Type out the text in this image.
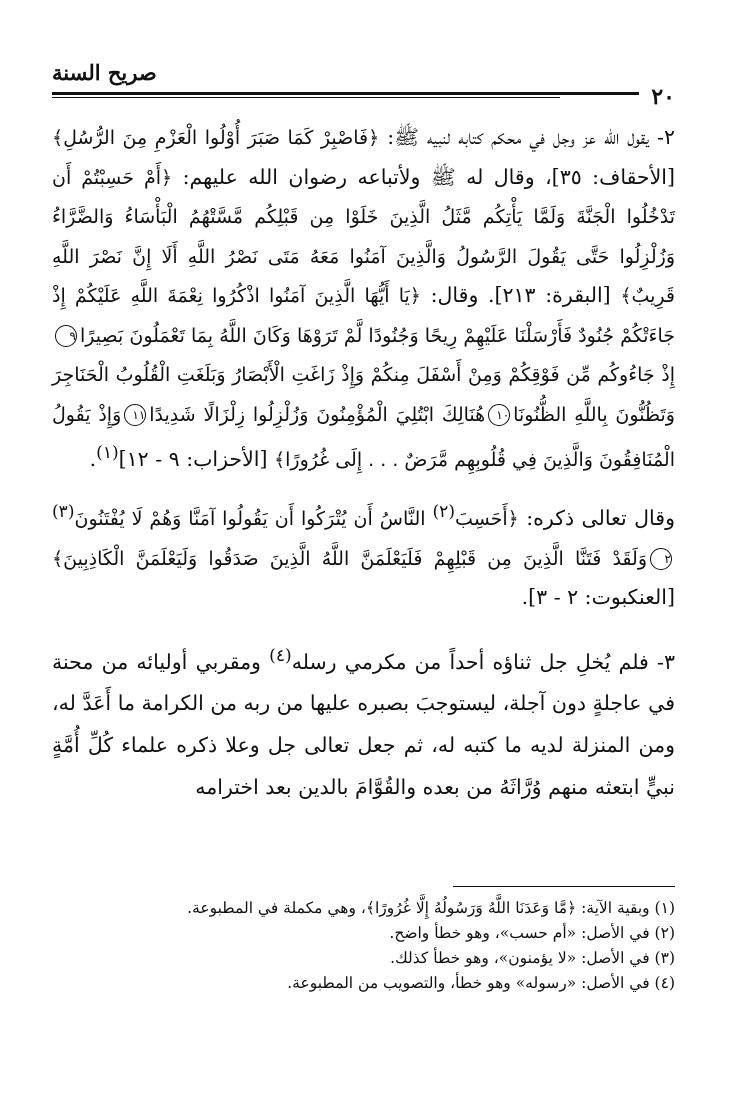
صريح السنة
٢٠

٢- يقول الله عز وجل في محكم كتابه لنبيه ﷺ: ﴿فَاصْبِرْ كَمَا صَبَرَ أُوْلُوا الْعَزْمِ مِنَ الرُّسُلِ﴾ [الأحقاف: ٣٥]، وقال له ﷺ ولأتباعه رضوان الله عليهم: ﴿أَمْ حَسِبْتُمْ أَن تَدْخُلُوا الْجَنَّةَ وَلَمَّا يَأْتِكُم مَّثَلُ الَّذِينَ خَلَوْا مِن قَبْلِكُم مَّسَّتْهُمُ الْبَأْسَاءُ وَالضَّرَّاءُ وَزُلْزِلُوا حَتَّى يَقُولَ الرَّسُولُ وَالَّذِينَ آمَنُوا مَعَهُ مَتَى نَصْرُ اللَّهِ أَلَا إِنَّ نَصْرَ اللَّهِ قَرِيبٌ﴾ [البقرة: ٢١٣]. وقال: ﴿يَا أَيُّهَا الَّذِينَ آمَنُوا اذْكُرُوا نِعْمَةَ اللَّهِ عَلَيْكُمْ إِذْ جَاءَتْكُمْ جُنُودٌ فَأَرْسَلْنَا عَلَيْهِمْ رِيحًا وَجُنُودًا لَّمْ تَرَوْهَا وَكَانَ اللَّهُ بِمَا تَعْمَلُونَ بَصِيرًا٩إِذْ جَاءُوكُم مِّن فَوْقِكُمْ وَمِنْ أَسْفَلَ مِنكُمْ وَإِذْ زَاغَتِ الْأَبْصَارُ وَبَلَغَتِ الْقُلُوبُ الْحَنَاجِرَ وَتَظُنُّونَ بِاللَّهِ الظُّنُونَا١٠هُنَالِكَ ابْتُلِيَ الْمُؤْمِنُونَ وَزُلْزِلُوا زِلْزَالًا شَدِيدًا١١وَإِذْ يَقُولُ الْمُنَافِقُونَ وَالَّذِينَ فِي قُلُوبِهِم مَّرَضٌ . . . إِلَى غُرُورًا﴾ [الأحزاب: ٩ - ١٢]$^{(١)}$.

وقال تعالى ذكره: ﴿أَحَسِبَ$^{(٢)}$ النَّاسُ أَن يُتْرَكُوا أَن يَقُولُوا آمَنَّا وَهُمْ لَا يُفْتَنُونَ$^{(٣)}$٢وَلَقَدْ فَتَنَّا الَّذِينَ مِن قَبْلِهِمْ فَلَيَعْلَمَنَّ اللَّهُ الَّذِينَ صَدَقُوا وَلَيَعْلَمَنَّ الْكَاذِبِينَ﴾ [العنكبوت: ٢ - ٣].

٣- فلم يُخلِ جل ثناؤه أحداً من مكرمي رسله$^{(٤)}$ ومقربي أوليائه من محنة في عاجلةٍ دون آجلة، ليستوجبَ بصبره عليها من ربه من الكرامة ما أَعَدَّ له، ومن المنزلة لديه ما كتبه له، ثم جعل تعالى جل وعلا ذكره علماء كُلِّ أُمَّةٍ نبيٍّ ابتعثه منهم وُرَّاثَهُ من بعده والقُوَّامَ بالدين بعد اخترامه

(١) وبقية الآية: ﴿مَّا وَعَدَنَا اللَّهُ وَرَسُولُهُ إِلَّا غُرُورًا﴾، وهي مكملة في المطبوعة.

(٢) في الأصل: «أم حسب»، وهو خطأ واضح.

(٣) في الأصل: «لا يؤمنون»، وهو خطأ كذلك.

(٤) في الأصل: «رسوله» وهو خطأ، والتصويب من المطبوعة.
